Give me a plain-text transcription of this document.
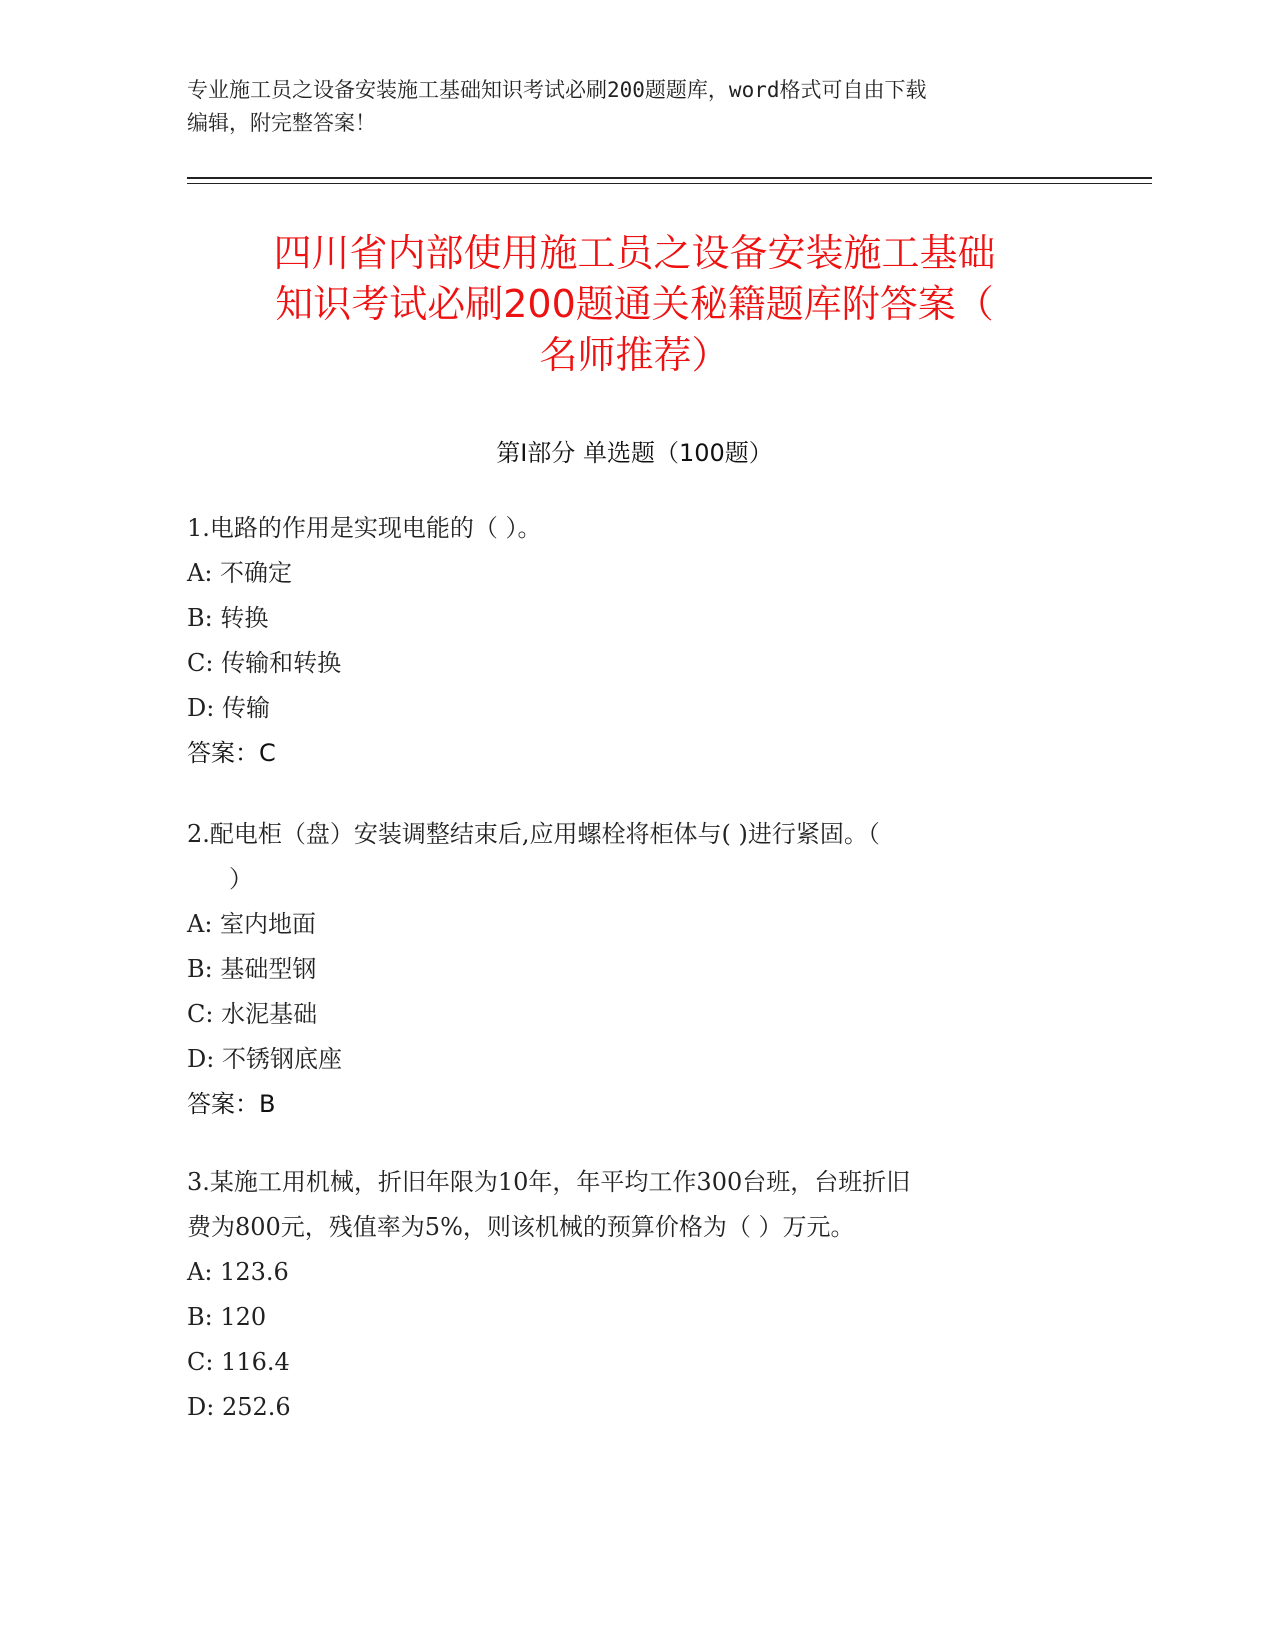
专业施工员之设备安装施工基础知识考试必刷200题题库，word格式可自由下载
编辑，附完整答案！
四川省内部使用施工员之设备安装施工基础
知识考试必刷200题通关秘籍题库附答案（
名师推荐）
第Ⅰ部分 单选题（100题）
1.电路的作用是实现电能的（ ）。
A: 不确定
B: 转换
C: 传输和转换
D: 传输
答案：C
2.配电柜（盘）安装调整结束后,应用螺栓将柜体与( )进行紧固。（
）
A: 室内地面
B: 基础型钢
C: 水泥基础
D: 不锈钢底座
答案：B
3.某施工用机械，折旧年限为10年，年平均工作300台班，台班折旧
费为800元，残值率为5%，则该机械的预算价格为（ ）万元。
A: 123.6
B: 120
C: 116.4
D: 252.6
